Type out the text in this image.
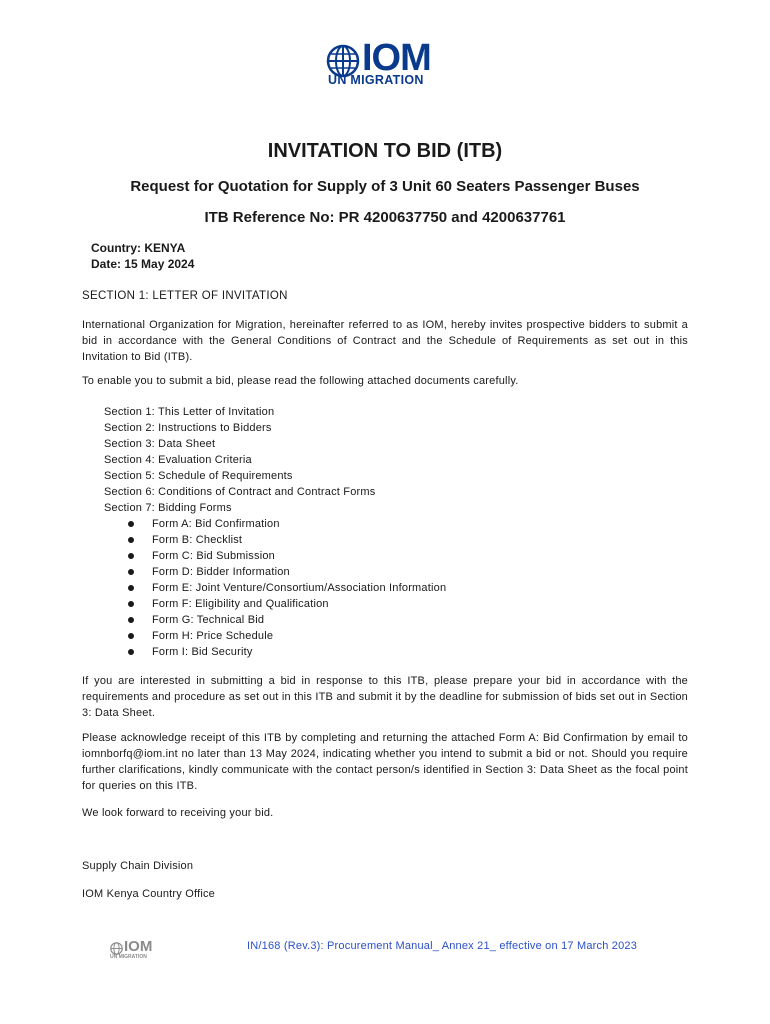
IOM
UN MIGRATION
INVITATION TO BID (ITB)
Request for Quotation for Supply of 3 Unit 60 Seaters Passenger Buses
ITB Reference No: PR 4200637750 and 4200637761
Country: KENYA
Date: 15 May 2024
SECTION 1: LETTER OF INVITATION
International Organization for Migration, hereinafter referred to as IOM, hereby invites prospective bidders to submit a bid in accordance with the General Conditions of Contract and the Schedule of Requirements as set out in this Invitation to Bid (ITB).
To enable you to submit a bid, please read the following attached documents carefully.
Section 1: This Letter of Invitation
Section 2: Instructions to Bidders
Section 3: Data Sheet
Section 4: Evaluation Criteria
Section 5: Schedule of Requirements
Section 6: Conditions of Contract and Contract Forms
Section 7: Bidding Forms
Form A: Bid Confirmation
Form B: Checklist
Form C: Bid Submission
Form D: Bidder Information
Form E: Joint Venture/Consortium/Association Information
Form F: Eligibility and Qualification
Form G: Technical Bid
Form H: Price Schedule
Form I: Bid Security
If you are interested in submitting a bid in response to this ITB, please prepare your bid in accordance with the requirements and procedure as set out in this ITB and submit it by the deadline for submission of bids set out in Section 3: Data Sheet.
Please acknowledge receipt of this ITB by completing and returning the attached Form A: Bid Confirmation by email to iomnborfq@iom.int no later than 13 May 2024, indicating whether you intend to submit a bid or not. Should you require further clarifications, kindly communicate with the contact person/s identified in Section 3: Data Sheet as the focal point for queries on this ITB.
We look forward to receiving your bid.
Supply Chain Division
IOM Kenya Country Office
IOM
UN MIGRATION
IN/168 (Rev.3): Procurement Manual_ Annex 21_ effective on 17 March 2023
